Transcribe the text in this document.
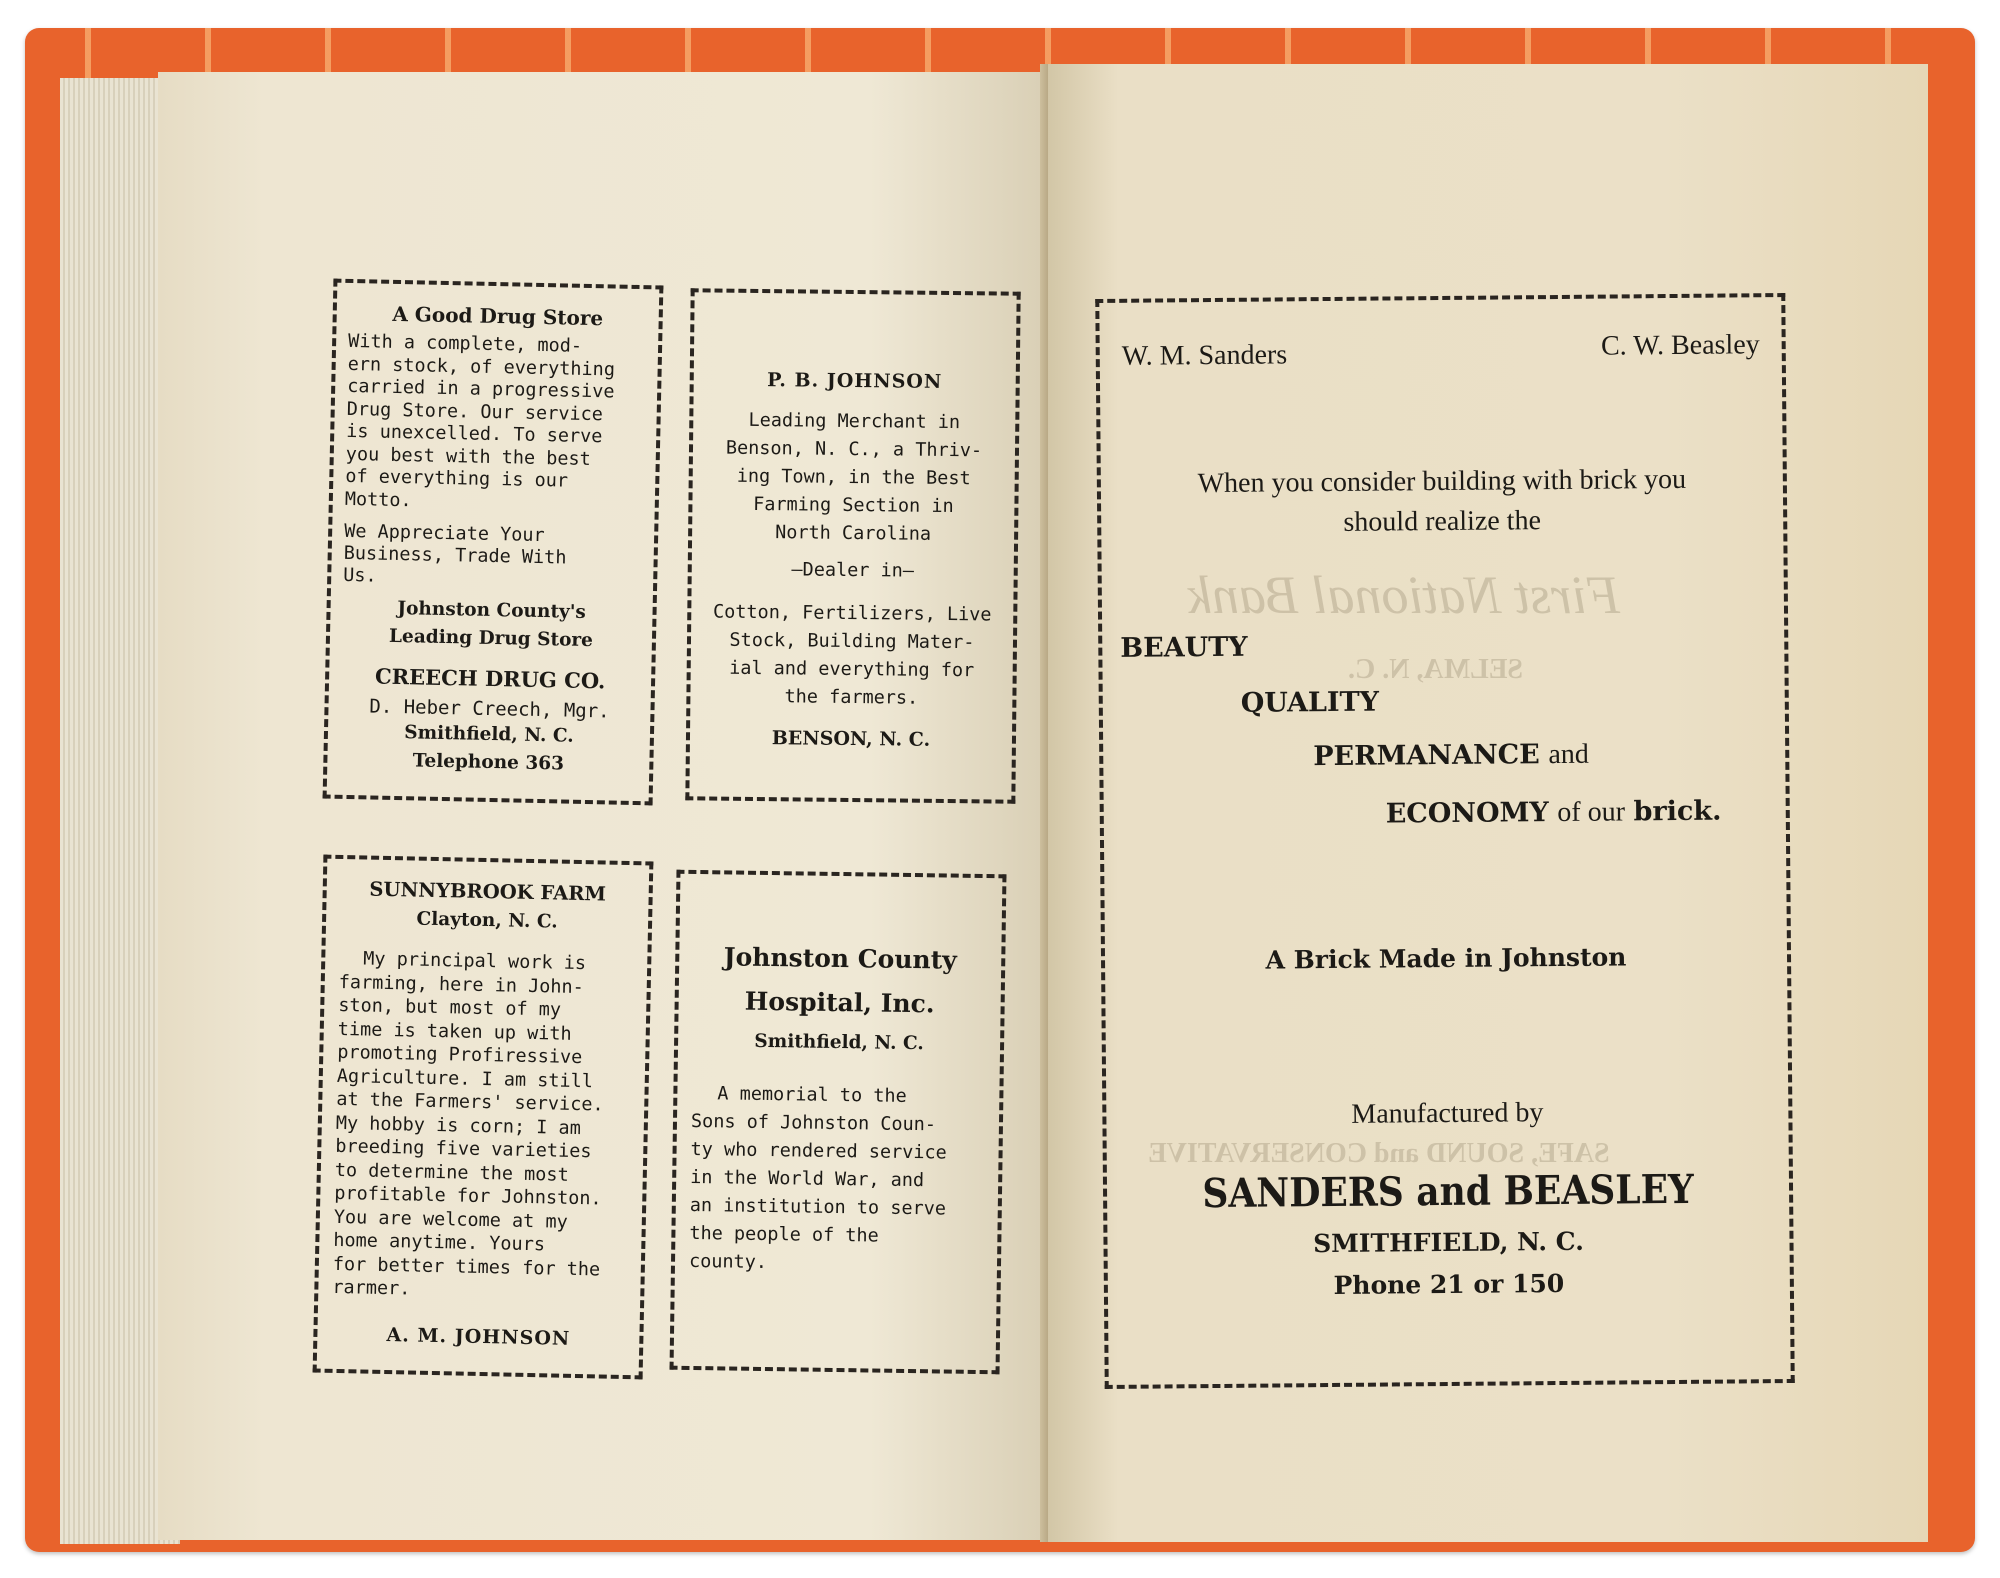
A Good Drug Store
With a complete, mod-
ern stock, of everything
carried in a progressive
Drug Store. Our service
is unexcelled. To serve
you best with the best
of everything is our
Motto.
We Appreciate Your
Business, Trade With
Us.
Johnston County's
Leading Drug Store
CREECH DRUG CO.
D. Heber Creech, Mgr.
Smithfield, N. C.
Telephone 363
P. B. JOHNSON
Leading Merchant in
Benson, N. C., a Thriv-
ing Town, in the Best
Farming Section in
North Carolina
—Dealer in—
Cotton, Fertilizers, Live
Stock, Building Mater-
ial and everything for
the farmers.
BENSON, N. C.
SUNNYBROOK FARM
Clayton, N. C.
My principal work is
farming, here in John-
ston, but most of my
time is taken up with
promoting Profiressive
Agriculture. I am still
at the Farmers' service.
My hobby is corn; I am
breeding five varieties
to determine the most
profitable for Johnston.
You are welcome at my
home anytime. Yours
for better times for the
rarmer.
A. M. JOHNSON
Johnston County
Hospital, Inc.
Smithfield, N. C.
A memorial to the
Sons of Johnston Coun-
ty who rendered service
in the World War, and
an institution to serve
the people of the
county.
First National Bank
SELMA, N. C.
SAFE, SOUND and CONSERVATIVE
W. M. Sanders	C. W. Beasley
When you consider building with brick you
should realize the
BEAUTY
QUALITY
PERMANANCE and
ECONOMY of our brick.
A Brick Made in Johnston
Manufactured by
SANDERS and BEASLEY
SMITHFIELD, N. C.
Phone 21 or 150
